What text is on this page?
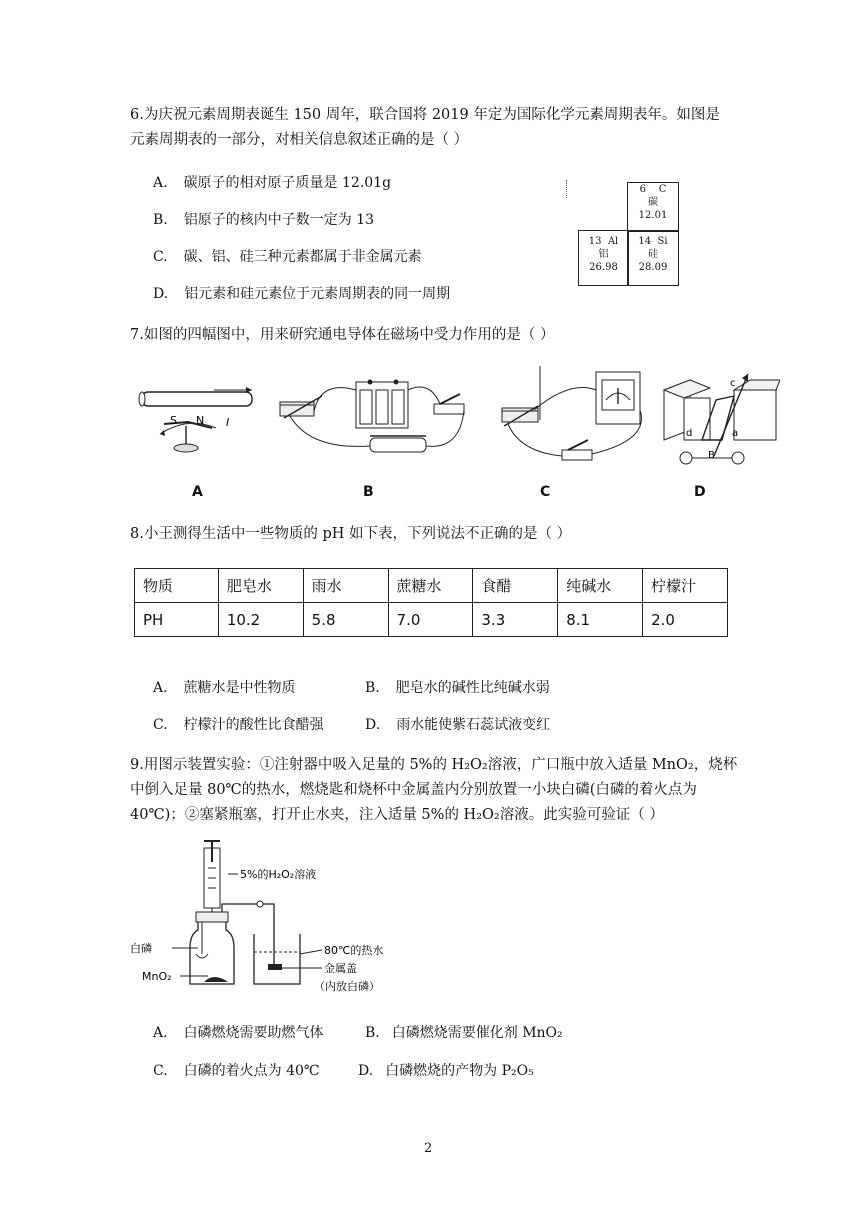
6.为庆祝元素周期表诞生 150 周年，联合国将 2019 年定为国际化学元素周期表年。如图是
元素周期表的一部分，对相关信息叙述正确的是（ ）
A. 碳原子的相对原子质量是 12.01g
B. 铝原子的核内中子数一定为 13
C. 碳、铝、硅三种元素都属于非金属元素
D. 铝元素和硅元素位于元素周期表的同一周期
6 C
碳
12.01
13 Al
铝
26.98
14 Si
硅
28.09
7.如图的四幅图中，用来研究通电导体在磁场中受力作用的是（ ）
S N I
d	a
c
B
A	B	C	D
8.小王测得生活中一些物质的 pH 如下表，下列说法不正确的是（ ）
物质	肥皂水	雨水	蔗糖水	食醋	纯碱水	柠檬汁
PH	10.2	5.8	7.0	3.3	8.1	2.0
A. 蔗糖水是中性物质	B. 肥皂水的碱性比纯碱水弱
C. 柠檬汁的酸性比食醋强	D. 雨水能使紫石蕊试液变红
9.用图示装置实验：①注射器中吸入足量的 5%的 H₂O₂溶液，广口瓶中放入适量 MnO₂，烧杯
中倒入足量 80℃的热水，燃烧匙和烧杯中金属盖内分别放置一小块白磷(白磷的着火点为
40℃)；②塞紧瓶塞，打开止水夹，注入适量 5%的 H₂O₂溶液。此实验可验证（ ）
5%的H₂O₂溶液
白磷
MnO₂
80℃的热水
金属盖
（内放白磷）
A. 白磷燃烧需要助燃气体	B. 白磷燃烧需要催化剂 MnO₂
C. 白磷的着火点为 40℃	D. 白磷燃烧的产物为 P₂O₅
2
